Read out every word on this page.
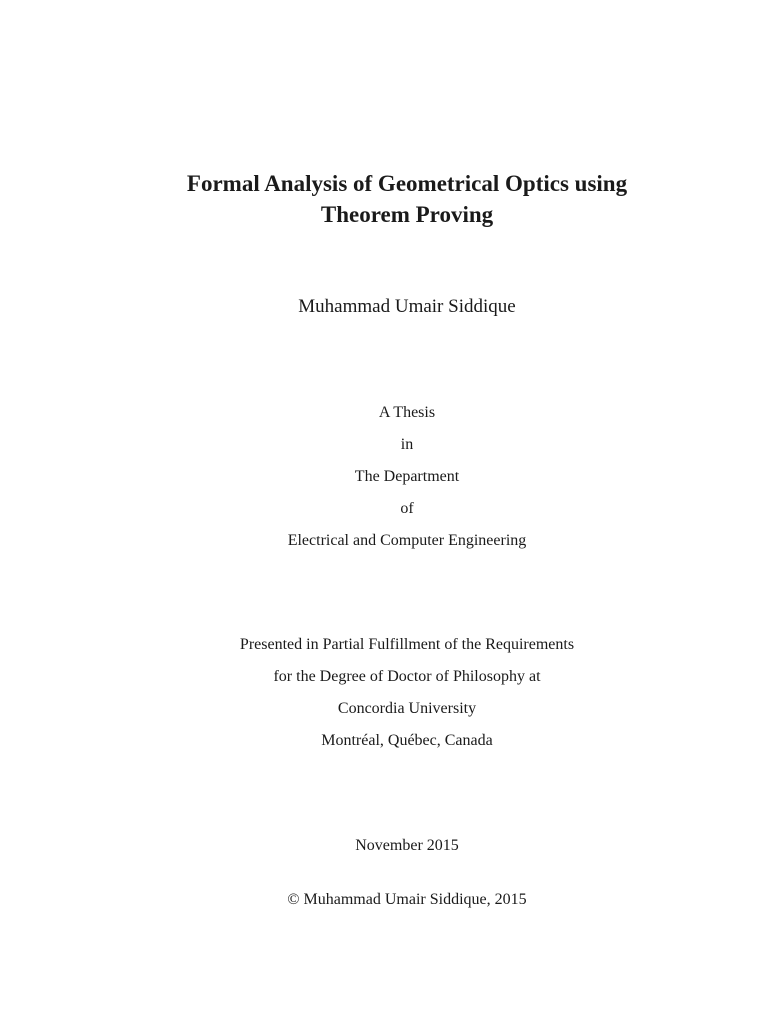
Formal Analysis of Geometrical Optics using
Theorem Proving
Muhammad Umair Siddique
A Thesis
in
The Department
of
Electrical and Computer Engineering
Presented in Partial Fulfillment of the Requirements
for the Degree of Doctor of Philosophy at
Concordia University
Montréal, Québec, Canada
November 2015
© Muhammad Umair Siddique, 2015
